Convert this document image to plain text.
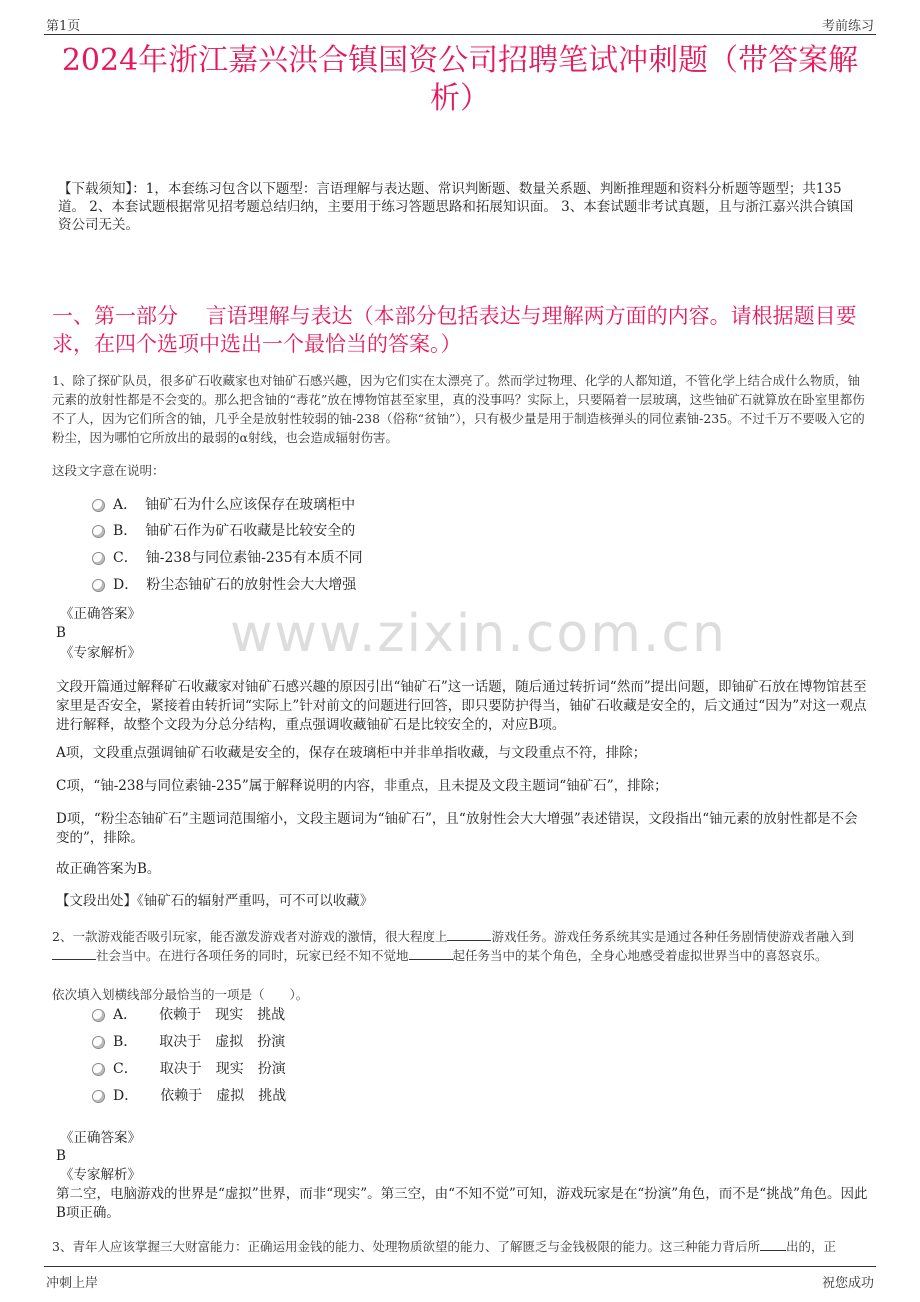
第1页	考前练习
2024年浙江嘉兴洪合镇国资公司招聘笔试冲刺题（带答案解析）
【下载须知】：1，本套练习包含以下题型：言语理解与表达题、常识判断题、数量关系题、判断推理题和资料分析题等题型；共135道。 2、本套试题根据常见招考题总结归纳，主要用于练习答题思路和拓展知识面。 3、本套试题非考试真题，且与浙江嘉兴洪合镇国资公司无关。
一、第一部分　 言语理解与表达（本部分包括表达与理解两方面的内容。请根据题目要求，在四个选项中选出一个最恰当的答案。）
www.zixin.com.cn
1、除了探矿队员，很多矿石收藏家也对铀矿石感兴趣，因为它们实在太漂亮了。然而学过物理、化学的人都知道，不管化学上结合成什么物质，铀元素的放射性都是不会变的。那么把含铀的“毒花”放在博物馆甚至家里，真的没事吗？实际上，只要隔着一层玻璃，这些铀矿石就算放在卧室里都伤不了人，因为它们所含的铀，几乎全是放射性较弱的铀-238（俗称“贫铀”），只有极少量是用于制造核弹头的同位素铀-235。不过千万不要吸入它的粉尘，因为哪怕它所放出的最弱的α射线，也会造成辐射伤害。
这段文字意在说明：
A． 铀矿石为什么应该保存在玻璃柜中
B． 铀矿石作为矿石收藏是比较安全的
C． 铀-238与同位素铀-235有本质不同
D． 粉尘态铀矿石的放射性会大大增强
《正确答案》
B
《专家解析》
文段开篇通过解释矿石收藏家对铀矿石感兴趣的原因引出“铀矿石”这一话题，随后通过转折词“然而”提出问题，即铀矿石放在博物馆甚至家里是否安全，紧接着由转折词“实际上”针对前文的问题进行回答，即只要防护得当，铀矿石收藏是安全的，后文通过“因为”对这一观点进行解释，故整个文段为分总分结构，重点强调收藏铀矿石是比较安全的，对应B项。
A项，文段重点强调铀矿石收藏是安全的，保存在玻璃柜中并非单指收藏，与文段重点不符，排除；
C项，“铀-238与同位素铀-235”属于解释说明的内容，非重点，且未提及文段主题词“铀矿石”，排除；
D项，“粉尘态铀矿石”主题词范围缩小，文段主题词为“铀矿石”，且“放射性会大大增强”表述错误，文段指出“铀元素的放射性都是不会变的”，排除。
故正确答案为B。
【文段出处】《铀矿石的辐射严重吗，可不可以收藏》
2、一款游戏能否吸引玩家，能否激发游戏者对游戏的激情，很大程度上	游戏任务。游戏任务系统其实是通过各种任务剧情使游戏者融入到社会当中。在进行各项任务的同时，玩家已经不知不觉地	起任务当中的某个角色，全身心地感受着虚拟世界当中的喜怒哀乐。
依次填入划横线部分最恰当的一项是（　　）。
A． 依赖于 现实 挑战
B． 取决于 虚拟 扮演
C． 取决于 现实 扮演
D． 依赖于 虚拟 挑战
《正确答案》
B
《专家解析》
第二空，电脑游戏的世界是“虚拟”世界，而非“现实”。第三空，由“不知不觉”可知，游戏玩家是在“扮演”角色，而不是“挑战”角色。因此B项正确。
3、青年人应该掌握三大财富能力：正确运用金钱的能力、处理物质欲望的能力、了解匮乏与金钱极限的能力。这三种能力背后所 出的，正
冲刺上岸	祝您成功
